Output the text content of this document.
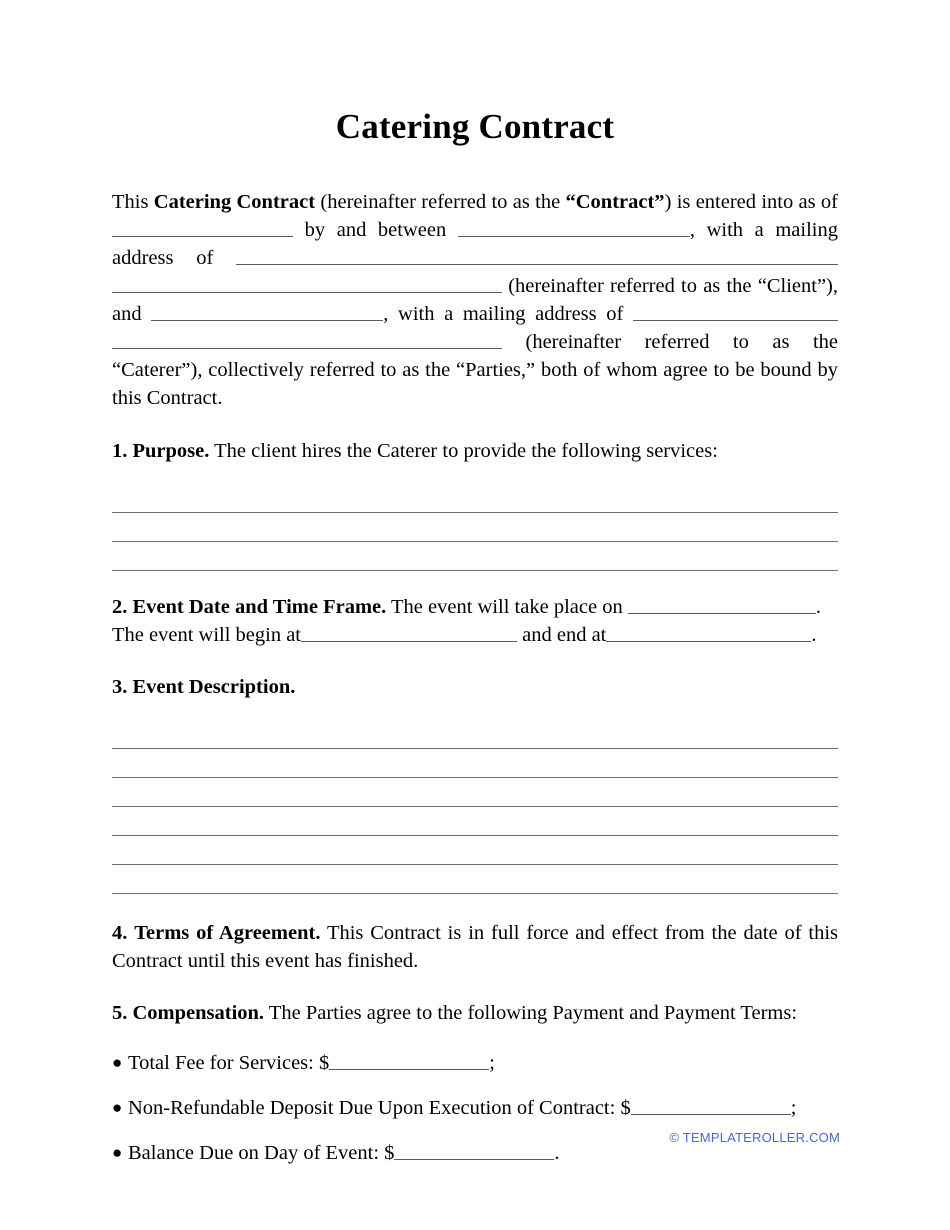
Catering Contract

This Catering Contract (hereinafter referred to as the “Contract”) is entered into as of  by and between	, with a mailing address of  (hereinafter referred to as the “Client”), and	, with a mailing address of  (hereinafter referred to as the “Caterer”), collectively referred to as the “Parties,” both of whom agree to be bound by this Contract.

1. Purpose. The client hires the Caterer to provide the following services:

2. Event Date and Time Frame. The event will take place on	.

The event will begin at	and end at	.

3. Event Description.

4. Terms of Agreement. This Contract is in full force and effect from the date of this Contract until this event has finished.

5. Compensation. The Parties agree to the following Payment and Payment Terms:

● Total Fee for Services: $	;
● Non-Refundable Deposit Due Upon Execution of Contract: $	;
● Balance Due on Day of Event: $	.
© TEMPLATEROLLER.COM
